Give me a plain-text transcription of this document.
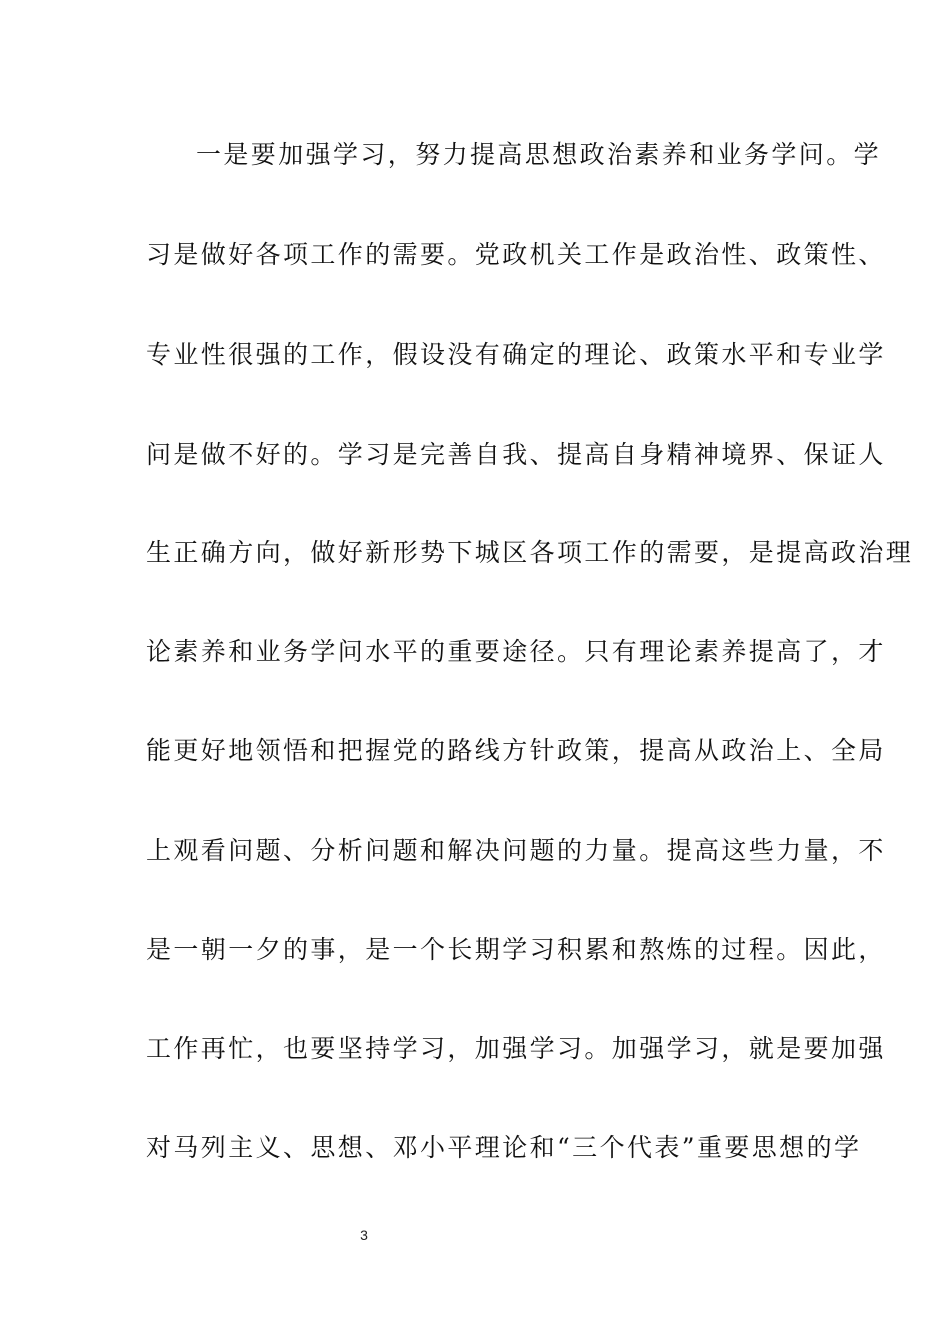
一是要加强学习，努力提高思想政治素养和业务学问。学
习是做好各项工作的需要。党政机关工作是政治性、政策性、
专业性很强的工作，假设没有确定的理论、政策水平和专业学
问是做不好的。学习是完善自我、提高自身精神境界、保证人
生正确方向，做好新形势下城区各项工作的需要，是提高政治理
论素养和业务学问水平的重要途径。只有理论素养提高了，才
能更好地领悟和把握党的路线方针政策，提高从政治上、全局
上观看问题、分析问题和解决问题的力量。提高这些力量，不
是一朝一夕的事，是一个长期学习积累和熬炼的过程。因此，
工作再忙，也要坚持学习，加强学习。加强学习，就是要加强
对马列主义、思想、邓小平理论和“三个代表”重要思想的学
3
